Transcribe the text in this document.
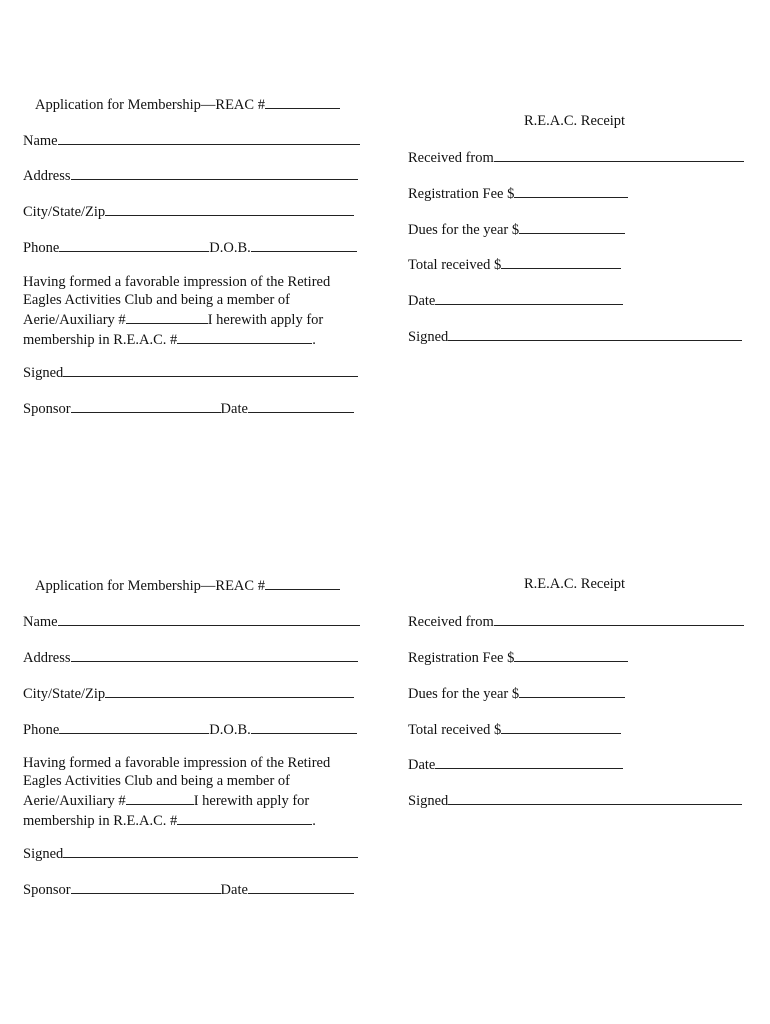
Application for Membership—REAC #
Name
Address
City/State/Zip
Phone	D.O.B.
Having formed a favorable impression of the Retired
Eagles Activities Club and being a member of
Aerie/Auxiliary #	I herewith apply for
membership in R.E.A.C. #	.
Signed
Sponsor	Date
R.E.A.C. Receipt
Received from
Registration Fee $
Dues for the year $
Total received $
Date
Signed
Application for Membership—REAC #
Name
Address
City/State/Zip
Phone	D.O.B.
Having formed a favorable impression of the Retired
Eagles Activities Club and being a member of
Aerie/Auxiliary #	I herewith apply for
membership in R.E.A.C. #	.
Signed
Sponsor	Date
R.E.A.C. Receipt
Received from
Registration Fee $
Dues for the year $
Total received $
Date
Signed
